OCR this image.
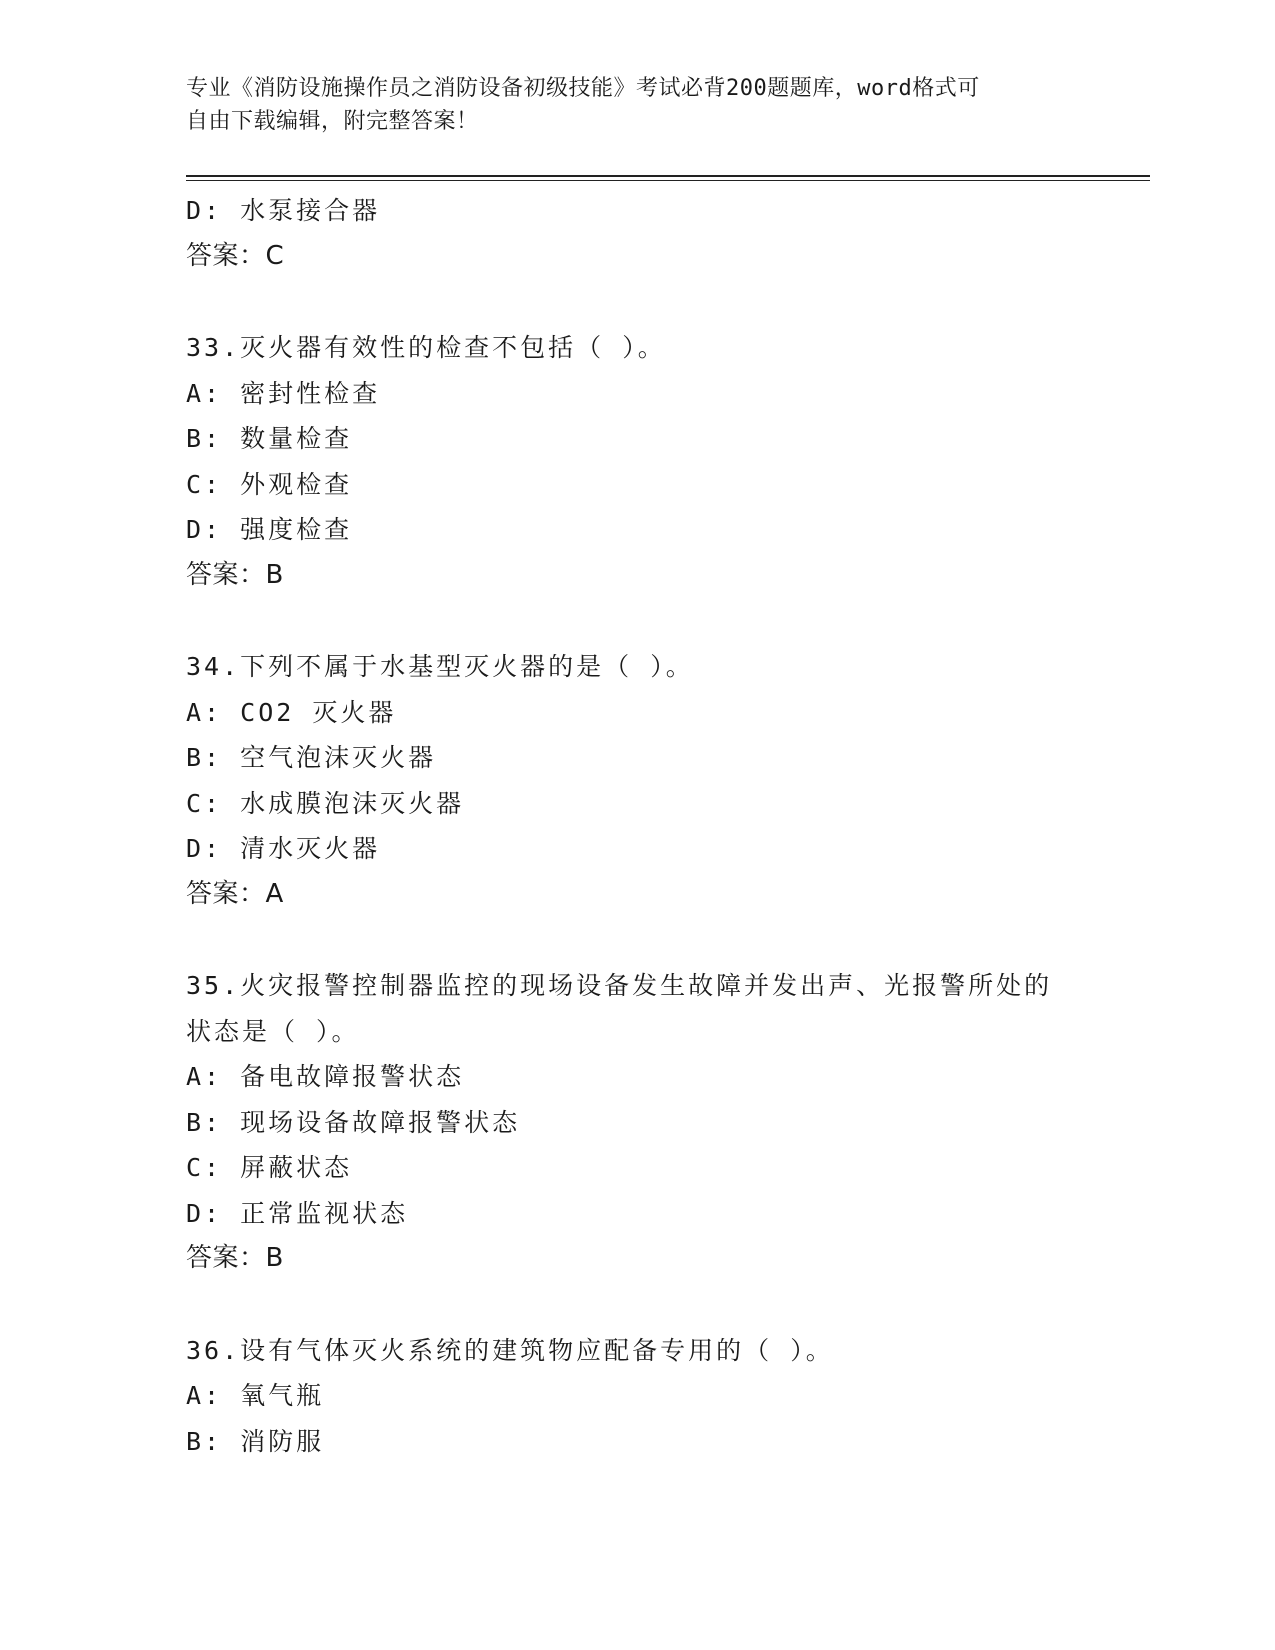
专业《消防设施操作员之消防设备初级技能》考试必背200题题库，word格式可
自由下载编辑，附完整答案！
D: 水泵接合器
答案：C
33.灭火器有效性的检查不包括（ ）。
A: 密封性检查
B: 数量检查
C: 外观检查
D: 强度检查
答案：B
34.下列不属于水基型灭火器的是（ ）。
A: CO2 灭火器
B: 空气泡沫灭火器
C: 水成膜泡沫灭火器
D: 清水灭火器
答案：A
35.火灾报警控制器监控的现场设备发生故障并发出声、光报警所处的
状态是（ ）。
A: 备电故障报警状态
B: 现场设备故障报警状态
C: 屏蔽状态
D: 正常监视状态
答案：B
36.设有气体灭火系统的建筑物应配备专用的（ ）。
A: 氧气瓶
B: 消防服
